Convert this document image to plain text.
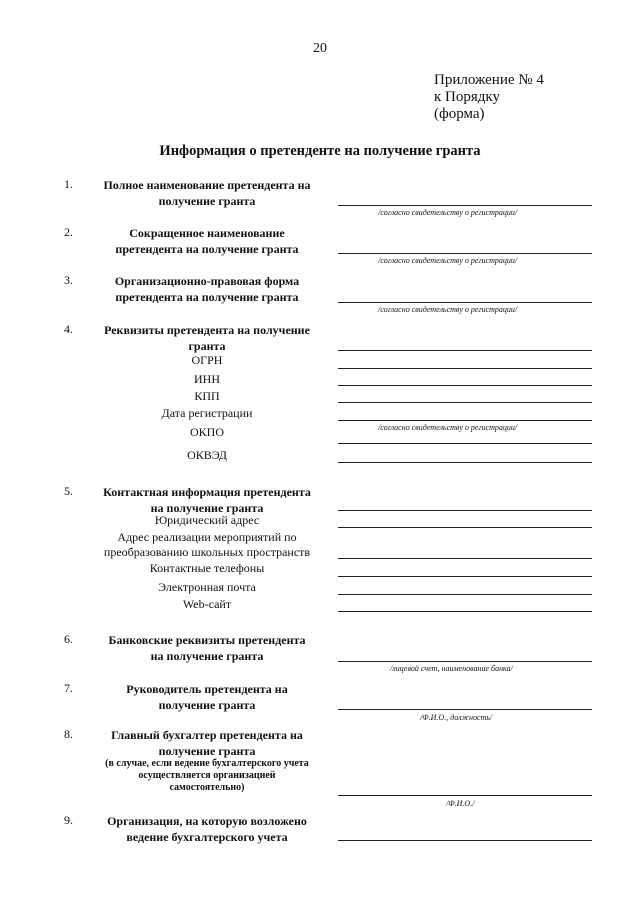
20
Приложение № 4
к Порядку
(форма)
Информация о претенденте на получение гранта
1.	Полное наименование претендента на
получение гранта
/согласно свидетельству о регистрации/
2.	Сокращенное наименование
претендента на получение гранта
/согласно свидетельству о регистрации/
3.	Организационно-правовая форма
претендента на получение гранта
/согласно свидетельству о регистрации/
4.	Реквизиты претендента на получение
гранта
ОГРН
ИНН
КПП
Дата регистрации
ОКПО
ОКВЭД
/согласно свидетельству о регистрации/
5.	Контактная информация претендента
на получение гранта
Юридический адрес
Адрес реализации мероприятий по
преобразованию школьных пространств
Контактные телефоны
Электронная почта
Web-сайт
6.	Банковские реквизиты претендента
на получение гранта
/лицевой счет, наименование банка/
7.	Руководитель претендента на
получение гранта
/Ф.И.О., должность/
8.	Главный бухгалтер претендента на
получение гранта
(в случае, если ведение бухгалтерского учета
осуществляется организацией
самостоятельно)
/Ф.И.О./
9.	Организация, на которую возложено
ведение бухгалтерского учета
